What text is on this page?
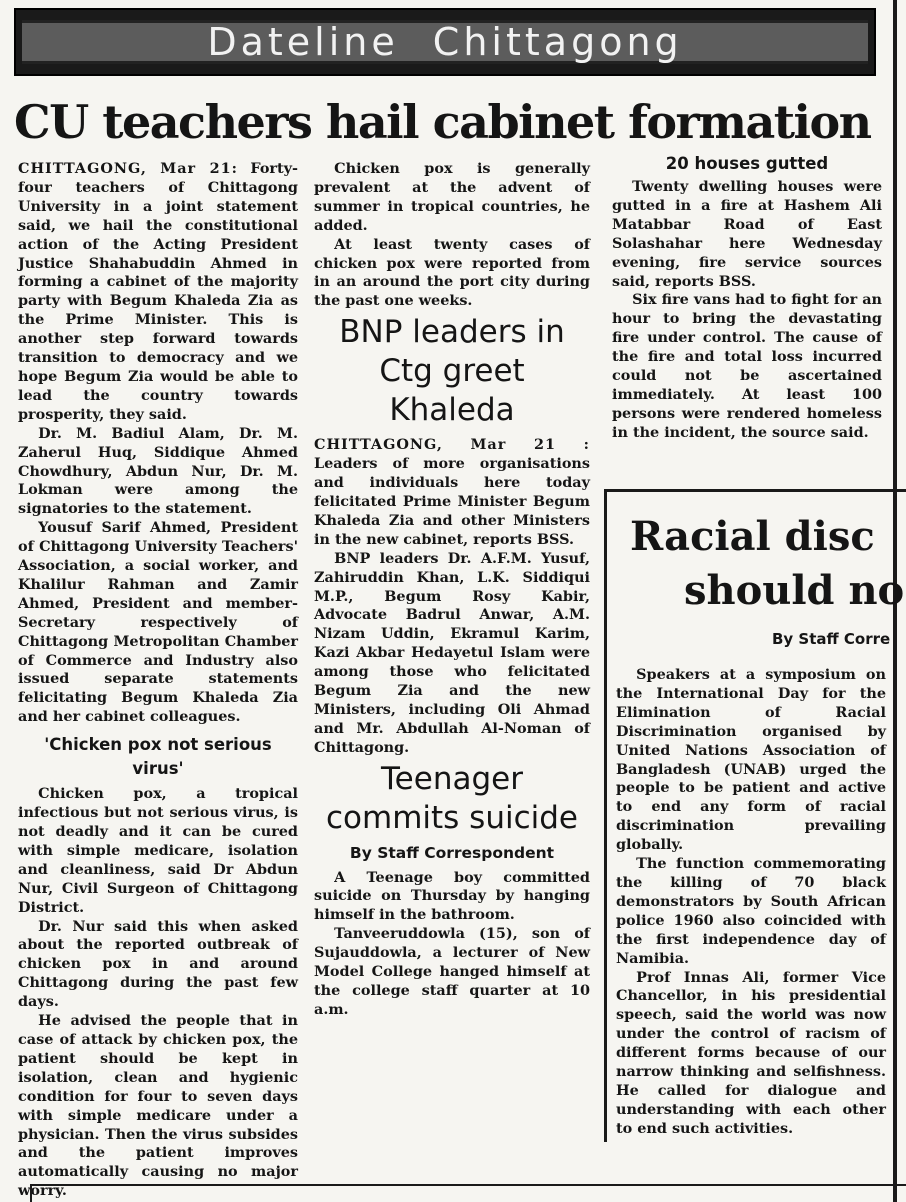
Dateline Chittagong
CU teachers hail cabinet formation

CHITTAGONG, Mar 21: Forty-four teachers of Chittagong University in a joint statement said, we hail the constitutional action of the Acting President Justice Shahabuddin Ahmed in forming a cabinet of the majority party with Begum Khaleda Zia as the Prime Minister. This is another step forward towards transition to democracy and we hope Begum Zia would be able to lead the country towards prosperity, they said.

Dr. M. Badiul Alam, Dr. M. Zaherul Huq, Siddique Ahmed Chowdhury, Abdun Nur, Dr. M. Lokman were among the signatories to the statement.

Yousuf Sarif Ahmed, President of Chittagong University Teachers' Association, a social worker, and Khalilur Rahman and Zamir Ahmed, President and member-Secretary respectively of Chittagong Metropolitan Chamber of Commerce and Industry also issued separate statements felicitating Begum Khaleda Zia and her cabinet colleagues.

'Chicken pox not serious virus'

Chicken pox, a tropical infectious but not serious virus, is not deadly and it can be cured with simple medicare, isolation and cleanliness, said Dr Abdun Nur, Civil Surgeon of Chittagong District.

Dr. Nur said this when asked about the reported outbreak of chicken pox in and around Chittagong during the past few days.

He advised the people that in case of attack by chicken pox, the patient should be kept in isolation, clean and hygienic condition for four to seven days with simple medicare under a physician. Then the virus subsides and the patient improves automatically causing no major worry.

Chicken pox is generally prevalent at the advent of summer in tropical countries, he added.

At least twenty cases of chicken pox were reported from in an around the port city during the past one weeks.

BNP leaders in Ctg greet Khaleda

CHITTAGONG, Mar 21 : Leaders of more organisations and individuals here today felicitated Prime Minister Begum Khaleda Zia and other Ministers in the new cabinet, reports BSS.

BNP leaders Dr. A.F.M. Yusuf, Zahiruddin Khan, L.K. Siddiqui M.P., Begum Rosy Kabir, Advocate Badrul Anwar, A.M. Nizam Uddin, Ekramul Karim, Kazi Akbar Hedayetul Islam were among those who felicitated Begum Zia and the new Ministers, including Oli Ahmad and Mr. Abdullah Al-Noman of Chittagong.

Teenager commits suicide
By Staff Correspondent

A Teenage boy committed suicide on Thursday by hanging himself in the bathroom.

Tanveeruddowla (15), son of Sujauddowla, a lecturer of New Model College hanged himself at the college staff quarter at 10 a.m.

20 houses gutted

Twenty dwelling houses were gutted in a fire at Hashem Ali Matabbar Road of East Solashahar here Wednesday evening, fire service sources said, reports BSS.

Six fire vans had to fight for an hour to bring the devastating fire under control. The cause of the fire and total loss incurred could not be ascertained immediately. At least 100 persons were rendered homeless in the incident, the source said.

Racial disc
should no
By Staff Corre

Speakers at a symposium on the International Day for the Elimination of Racial Discrimination organised by United Nations Association of Bangladesh (UNAB) urged the people to be patient and active to end any form of racial discrimination prevailing globally.

The function commemorating the killing of 70 black demonstrators by South African police 1960 also coincided with the first independence day of Namibia.

Prof Innas Ali, former Vice Chancellor, in his presidential speech, said the world was now under the control of racism of different forms because of our narrow thinking and selfishness. He called for dialogue and understanding with each other to end such activities.
